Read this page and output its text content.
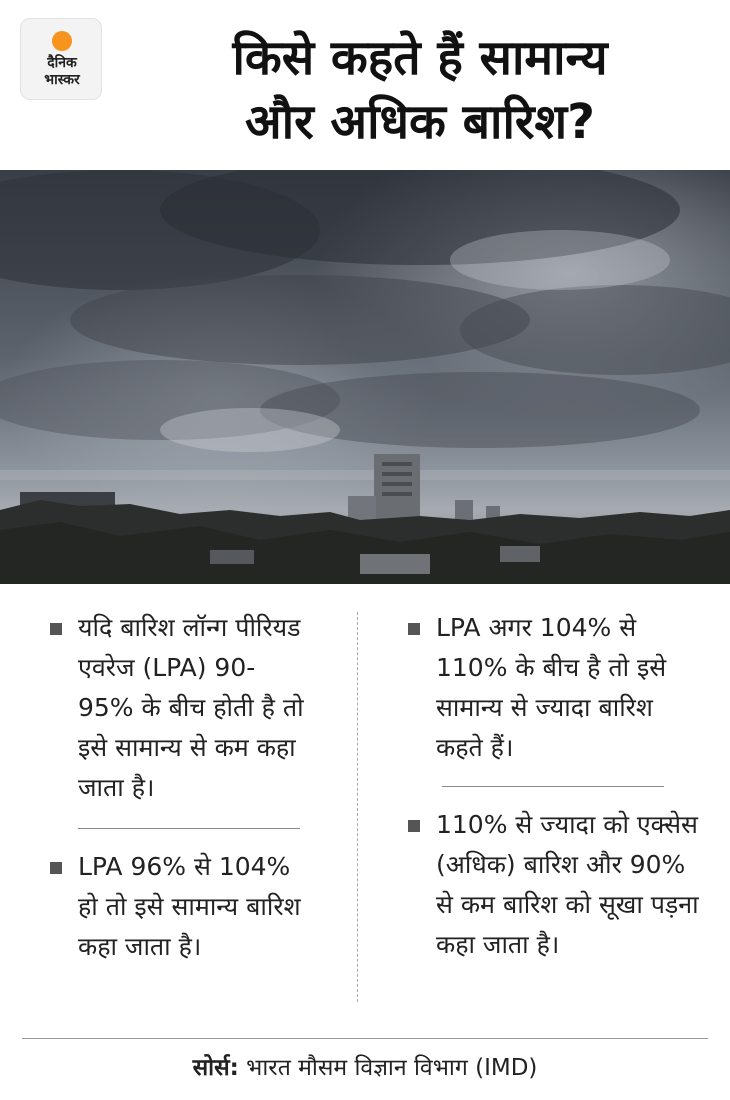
दैनिक
भास्कर	किसे कहते हैं सामान्य
और अधिक बारिश?
यदि बारिश लॉन्ग पीरियड एवरेज (LPA) 90-95% के बीच होती है तो इसे सामान्य से कम कहा जाता है।
LPA 96% से 104% हो तो इसे सामान्य बारिश कहा जाता है।
LPA अगर 104% से 110% के बीच है तो इसे सामान्य से ज्यादा बारिश कहते हैं।
110% से ज्यादा को एक्सेस (अधिक) बारिश और 90% से कम बारिश को सूखा पड़ना कहा जाता है।
सोर्स: भारत मौसम विज्ञान विभाग (IMD)
